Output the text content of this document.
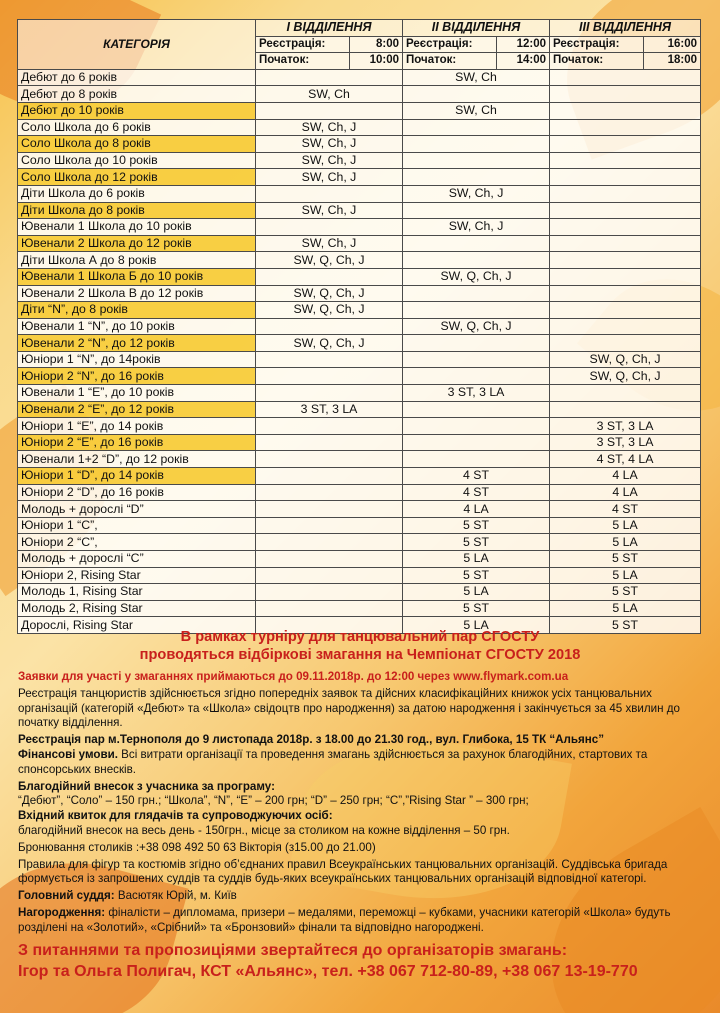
КАТЕГОРІЯ	I ВІДДІЛЕННЯ		II ВІДДІЛЕННЯ		III ВІДДІЛЕННЯ	
	Реєстрація:	8:00	Реєстрація:	12:00	Реєстрація:	16:00
	Початок:	10:00	Початок:	14:00	Початок:	18:00
Дебют до 6 років			SW, Ch			
Дебют до 8 років	SW, Ch					
Дебют до 10 років			SW, Ch			
Соло Школа до 6 років	SW, Ch, J					
Соло Школа до 8 років	SW, Ch, J					
Соло Школа до 10 років	SW, Ch, J					
Соло Школа до 12 років	SW, Ch, J					
Діти Школа до 6 років			SW, Ch, J			
Діти Школа до 8 років	SW, Ch, J					
Ювенали 1 Школа до 10 років			SW, Ch, J			
Ювенали 2 Школа до 12 років	SW, Ch, J					
Діти Школа А до 8 років	SW, Q, Ch, J					
Ювенали 1 Школа Б до 10 років			SW, Q, Ch, J			
Ювенали 2 Школа В до 12 років	SW, Q, Ch, J					
Діти “N”, до 8 років	SW, Q, Ch, J					
Ювенали 1 “N”, до 10 років			SW, Q, Ch, J			
Ювенали 2 “N”, до 12 років	SW, Q, Ch, J					
Юніори 1 “N”, до 14років					SW, Q, Ch, J	
Юніори 2 “N”, до 16 років					SW, Q, Ch, J	
Ювенали 1 “Е”, до 10 років			3 ST, 3 LA			
Ювенали 2 “Е”, до 12 років	3 ST, 3 LA					
Юніори 1 “Е”, до 14 років					3 ST, 3 LA	
Юніори 2 “Е”, до 16 років					3 ST, 3 LA	
Ювенали 1+2 “D”, до 12 років					4 ST, 4 LA	
Юніори 1 “D”, до 14 років			4 ST		4 LA	
Юніори 2 “D”, до 16 років			4 ST		4 LA	
Молодь + дорослі “D”			4 LA		4 ST	
Юніори 1 “С”,			5 ST		5 LA	
Юніори 2 “С”,			5 ST		5 LA	
Молодь + дорослі “С”			5 LA		5 ST	
Юніори 2, Rising Star			5 ST		5 LA	
Молодь 1, Rising Star			5 LA		5 ST	
Молодь 2, Rising Star			5 ST		5 LA	
Дорослі, Rising Star			5 LA		5 ST	
В рамках турніру для танцювальний пар СГОСТУ
проводяться відбіркові змагання на Чемпіонат СГОСТУ 2018
Заявки для участі у змаганнях приймаються до 09.11.2018р. до 12:00 через www.flymark.com.ua
Реєстрація танцюристів здійснюється згідно попередніх заявок та дійсних класифікаційних книжок усіх танцювальних організацій (категорій «Дебют» та «Школа» свідоцтв про народження) за датою народження і закінчується за 45 хвилин до початку відділення.
Реєстрація пар м.Тернополя до 9 листопада 2018р. з 18.00 до 21.30 год., вул. Глибока, 15 ТК “Альянс”
Фінансові умови. Всі витрати організації та проведення змагань здійснюється за рахунок благодійних, стартових та спонсорських внесків.
Благодійний внесок з учасника за програму:
“Дебют”, “Соло” – 150 грн.; “Школа”, “N”, “E” – 200 грн; “D” – 250 грн; “C”,”Rising Star ” – 300 грн;
Вхідний квиток для глядачів та супроводжуючих осіб:
благодійний внесок на весь день - 150грн., місце за столиком на кожне відділення – 50 грн.
Бронювання столиків :+38 098 492 50 63 Вікторія (з15.00 до 21.00)
Правила для фігур та костюмів згідно об’єднаних правил Всеукраїнських танцювальних організацій. Суддівська бригада формується із запрошених суддів та суддів будь-яких всеукраїнських танцювальних організацій відповідної категорі.
Головний суддя: Васютяк Юрій, м. Київ
Нагородження: фіналісти – дипломама, призери – медалями, переможці – кубками, учасники категорій «Школа» будуть розділені на «Золотий», «Срібний» та «Бронзовий» фінали та відповідно нагороджені.
З питаннями та пропозиціями звертайтеся до організаторів змагань:
Ігор та Ольга Полигач, КСТ «Альянс», тел. +38 067 712-80-89, +38 067 13-19-770
